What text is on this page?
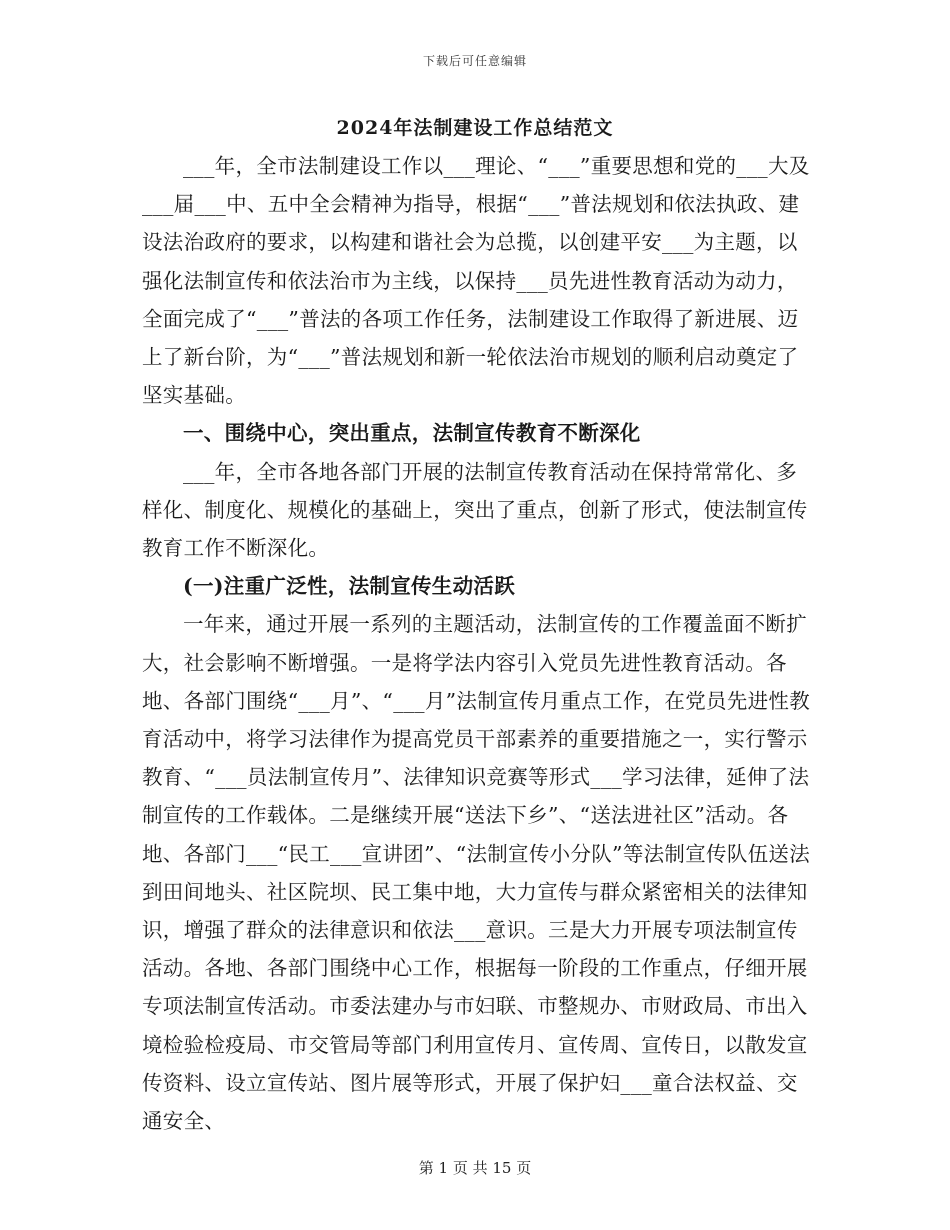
下载后可任意编辑
2024年法制建设工作总结范文

___年，全市法制建设工作以___理论、“___”重要思想和党的___大及___届___中、五中全会精神为指导，根据“___”普法规划和依法执政、建设法治政府的要求，以构建和谐社会为总揽，以创建平安___为主题，以强化法制宣传和依法治市为主线，以保持___员先进性教育活动为动力，全面完成了“___”普法的各项工作任务，法制建设工作取得了新进展、迈上了新台阶，为“___”普法规划和新一轮依法治市规划的顺利启动奠定了坚实基础。

一、围绕中心，突出重点，法制宣传教育不断深化

___年，全市各地各部门开展的法制宣传教育活动在保持常常化、多样化、制度化、规模化的基础上，突出了重点，创新了形式，使法制宣传教育工作不断深化。

(一)注重广泛性，法制宣传生动活跃

一年来，通过开展一系列的主题活动，法制宣传的工作覆盖面不断扩大，社会影响不断增强。一是将学法内容引入党员先进性教育活动。各地、各部门围绕“___月”、“___月”法制宣传月重点工作，在党员先进性教育活动中，将学习法律作为提高党员干部素养的重要措施之一，实行警示教育、“___员法制宣传月”、法律知识竞赛等形式___学习法律，延伸了法制宣传的工作载体。二是继续开展“送法下乡”、“送法进社区”活动。各地、各部门___“民工___宣讲团”、“法制宣传小分队”等法制宣传队伍送法到田间地头、社区院坝、民工集中地，大力宣传与群众紧密相关的法律知识，增强了群众的法律意识和依法___意识。三是大力开展专项法制宣传活动。各地、各部门围绕中心工作，根据每一阶段的工作重点，仔细开展专项法制宣传活动。市委法建办与市妇联、市整规办、市财政局、市出入境检验检疫局、市交管局等部门利用宣传月、宣传周、宣传日，以散发宣传资料、设立宣传站、图片展等形式，开展了保护妇___童合法权益、交通安全、

第 1 页 共 15 页
